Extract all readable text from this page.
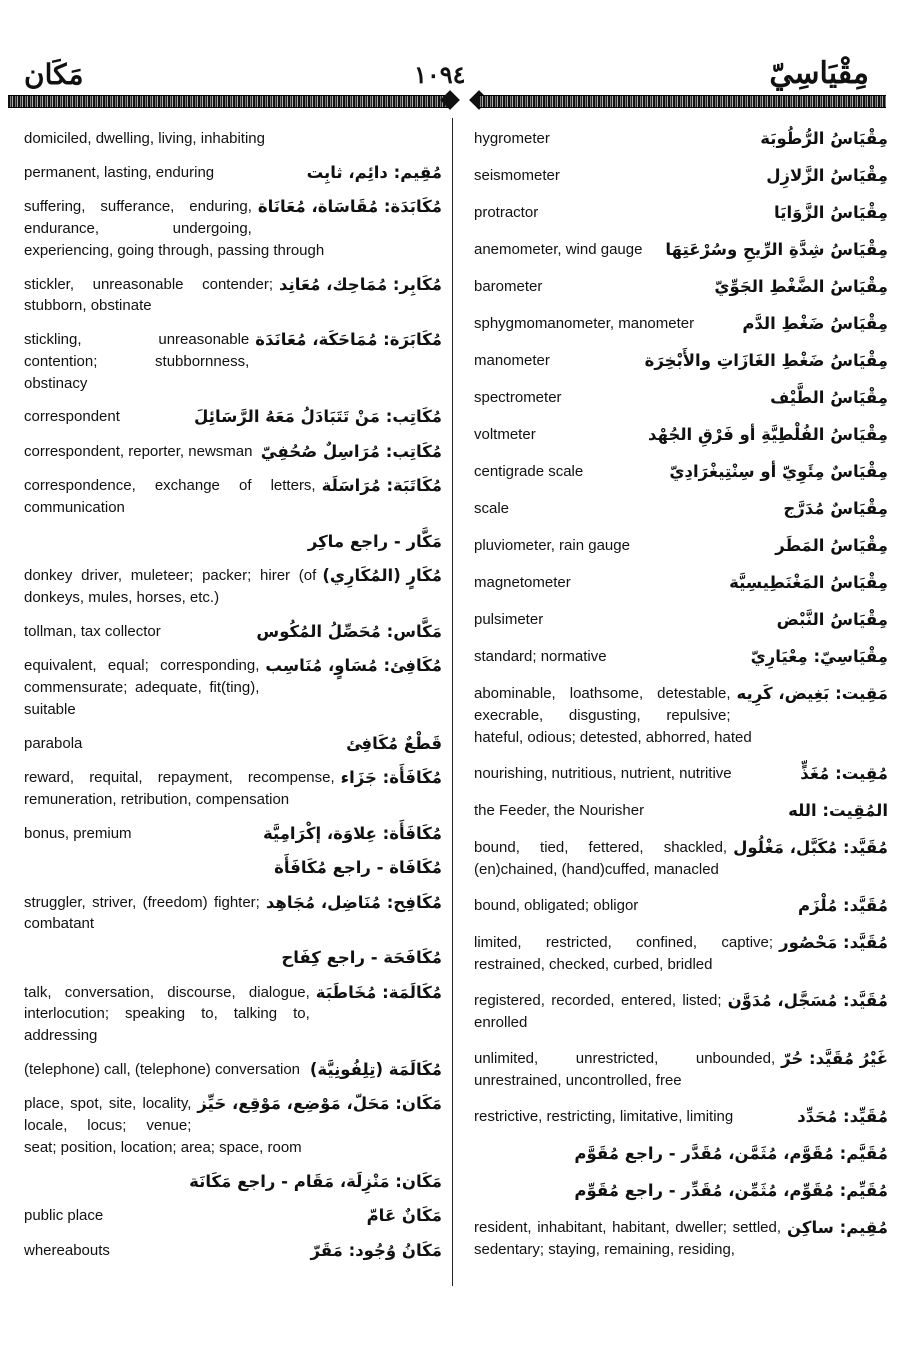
مَكَان	١٠٩٤	مِقْيَاسِيّ
domiciled, dwelling, living, inhabiting
مُقِيم: دائِم، ثابِت
permanent, lasting, enduring
مُكَابَدَة: مُقَاسَاة، مُعَانَاة
suffering, sufferance, enduring, endurance, undergoing, experiencing, going through, passing through
مُكَابِر: مُمَاحِك، مُعَانِد
stickler, unreasonable contender; stubborn, obstinate
مُكَابَرَة: مُمَاحَكَة، مُعَانَدَة
stickling, unreasonable contention; stubbornness, obstinacy
مُكَاتِب: مَنْ تَتَبَادَلُ مَعَهُ الرَّسَائِلَ
correspondent
مُكَاتِب: مُرَاسِلٌ صُحُفِيّ
correspondent, reporter, newsman
مُكَاتَبَة: مُرَاسَلَة
correspondence, exchange of letters, communication
مَكَّار - راجع ماكِر
مُكَارٍ (المُكَارِي)
donkey driver, muleteer; packer; hirer (of donkeys, mules, horses, etc.)
مَكَّاس: مُحَصِّلُ المُكُوس
tollman, tax collector
مُكَافِئ: مُسَاوٍ، مُنَاسِب
equivalent, equal; corresponding, commensurate; adequate, fit(ting), suitable
قَطْعٌ مُكَافِئ
parabola
مُكَافَأَة: جَزَاء
reward, requital, repayment, recompense, remuneration, retribution, compensation
مُكَافَأَة: عِلاوَة، إكْرَامِيَّة
bonus, premium
مُكَافَاة - راجع مُكَافَأَة
مُكَافِح: مُنَاضِل، مُجَاهِد
struggler, striver, (freedom) fighter; combatant
مُكَافَحَة - راجع كِفَاح
مُكَالَمَة: مُخَاطَبَة
talk, conversation, discourse, dialogue, interlocution; speaking to, talking to, addressing
مُكَالَمَة (تِلِفُونِيَّة)
(telephone) call, (telephone) conversation
مَكَان: مَحَلّ، مَوْضِع، مَوْقِع، حَيِّز
place, spot, site, locality, locale, locus; venue; seat; position, location; area; space, room
مَكَان: مَنْزِلَة، مَقَام - راجع مَكَانَة
مَكَانٌ عَامّ
public place
مَكَانُ وُجُود: مَقَرّ
whereabouts
مِقْيَاسُ الرُّطُوبَة
hygrometer
مِقْيَاسُ الزَّلازِل
seismometer
مِقْيَاسُ الزَّوَايَا
protractor
مِقْيَاسُ شِدَّةِ الرِّيحِ وسُرْعَتِهَا
anemometer, wind gauge
مِقْيَاسُ الضَّغْطِ الجَوِّيّ
barometer
مِقْيَاسُ ضَغْطِ الدَّم
sphygmomanometer, manometer
مِقْيَاسُ ضَغْطِ الغَازَاتِ والأَبْخِرَة
manometer
مِقْيَاسُ الطَّيْف
spectrometer
مِقْيَاسُ الفُلْطِيَّةِ أو فَرْقِ الجُهْد
voltmeter
مِقْيَاسٌ مِئَوِيّ أو سِنْتِيغْرَادِيّ
centigrade scale
مِقْيَاسٌ مُدَرَّج
scale
مِقْيَاسُ المَطَر
pluviometer, rain gauge
مِقْيَاسُ المَغْنَطِيسِيَّة
magnetometer
مِقْيَاسُ النَّبْض
pulsimeter
مِقْيَاسِيّ: مِعْيَارِيّ
standard; normative
مَقِيت: بَغِيض، كَرِيه
abominable, loathsome, detestable, execrable, disgusting, repulsive; hateful, odious; detested, abhorred, hated
مُقِيت: مُغَذٍّ
nourishing, nutritious, nutrient, nutritive
المُقِيت: الله
the Feeder, the Nourisher
مُقَيَّد: مُكَبَّل، مَغْلُول
bound, tied, fettered, shackled, (en)chained, (hand)cuffed, manacled
مُقَيَّد: مُلْزَم
bound, obligated; obligor
مُقَيَّد: مَحْصُور
limited, restricted, confined, captive; restrained, checked, curbed, bridled
مُقَيَّد: مُسَجَّل، مُدَوَّن
registered, recorded, entered, listed; enrolled
غَيْرُ مُقَيَّد: حُرّ
unlimited, unrestricted, unbounded, unrestrained, uncontrolled, free
مُقَيِّد: مُحَدِّد
restrictive, restricting, limitative, limiting
مُقَيَّم: مُقَوَّم، مُثَمَّن، مُقَدَّر - راجع مُقَوَّم
مُقَيِّم: مُقَوِّم، مُثَمِّن، مُقَدِّر - راجع مُقَوِّم
مُقِيم: ساكِن
resident, inhabitant, habitant, dweller; settled, sedentary; staying, remaining, residing,
